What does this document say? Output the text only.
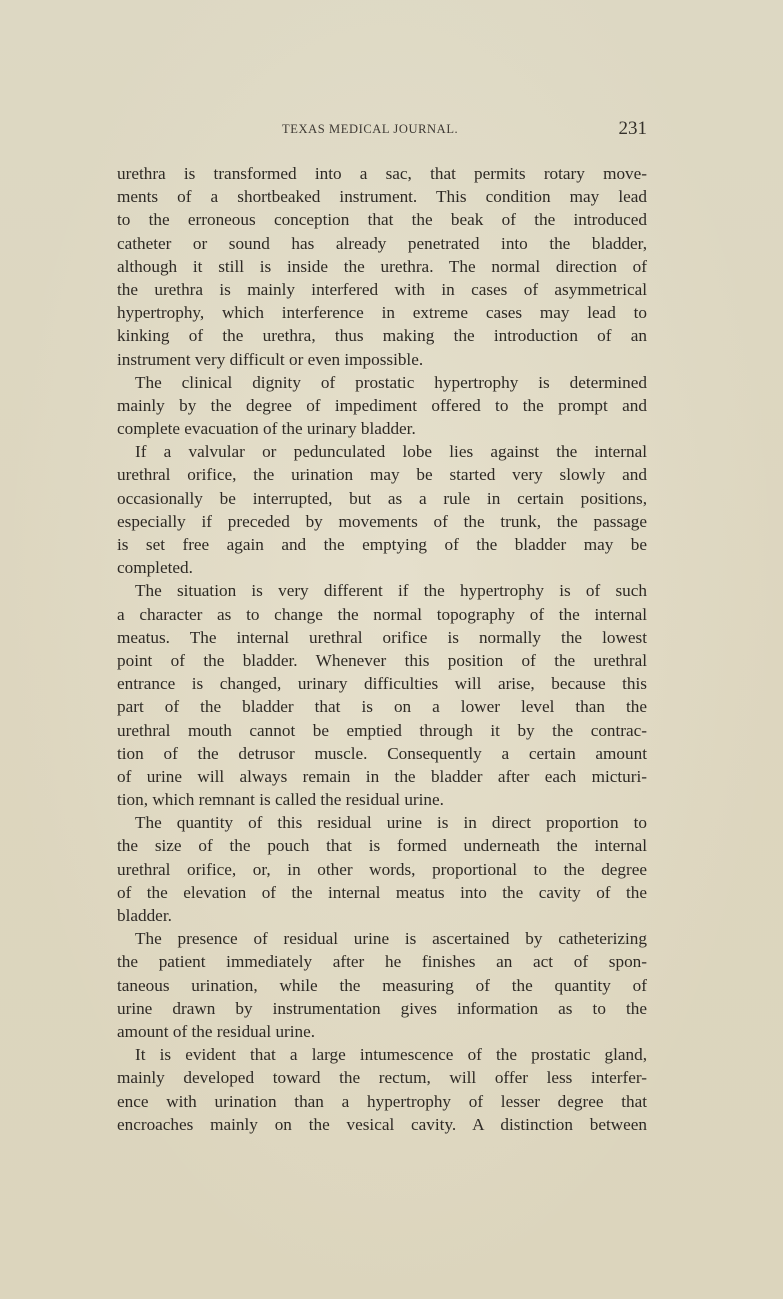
TEXAS MEDICAL JOURNAL.	231
urethra is transformed into a sac, that permits rotary move-
ments of a shortbeaked instrument. This condition may lead
to the erroneous conception that the beak of the introduced
catheter or sound has already penetrated into the bladder,
although it still is inside the urethra. The normal direction of
the urethra is mainly interfered with in cases of asymmetrical
hypertrophy, which interference in extreme cases may lead to
kinking of the urethra, thus making the introduction of an
instrument very difficult or even impossible.
The clinical dignity of prostatic hypertrophy is determined
mainly by the degree of impediment offered to the prompt and
complete evacuation of the urinary bladder.
If a valvular or pedunculated lobe lies against the internal
urethral orifice, the urination may be started very slowly and
occasionally be interrupted, but as a rule in certain positions,
especially if preceded by movements of the trunk, the passage
is set free again and the emptying of the bladder may be
completed.
The situation is very different if the hypertrophy is of such
a character as to change the normal topography of the internal
meatus. The internal urethral orifice is normally the lowest
point of the bladder. Whenever this position of the urethral
entrance is changed, urinary difficulties will arise, because this
part of the bladder that is on a lower level than the
urethral mouth cannot be emptied through it by the contrac-
tion of the detrusor muscle. Consequently a certain amount
of urine will always remain in the bladder after each micturi-
tion, which remnant is called the residual urine.
The quantity of this residual urine is in direct proportion to
the size of the pouch that is formed underneath the internal
urethral orifice, or, in other words, proportional to the degree
of the elevation of the internal meatus into the cavity of the
bladder.
The presence of residual urine is ascertained by catheterizing
the patient immediately after he finishes an act of spon-
taneous urination, while the measuring of the quantity of
urine drawn by instrumentation gives information as to the
amount of the residual urine.
It is evident that a large intumescence of the prostatic gland,
mainly developed toward the rectum, will offer less interfer-
ence with urination than a hypertrophy of lesser degree that
encroaches mainly on the vesical cavity. A distinction between
